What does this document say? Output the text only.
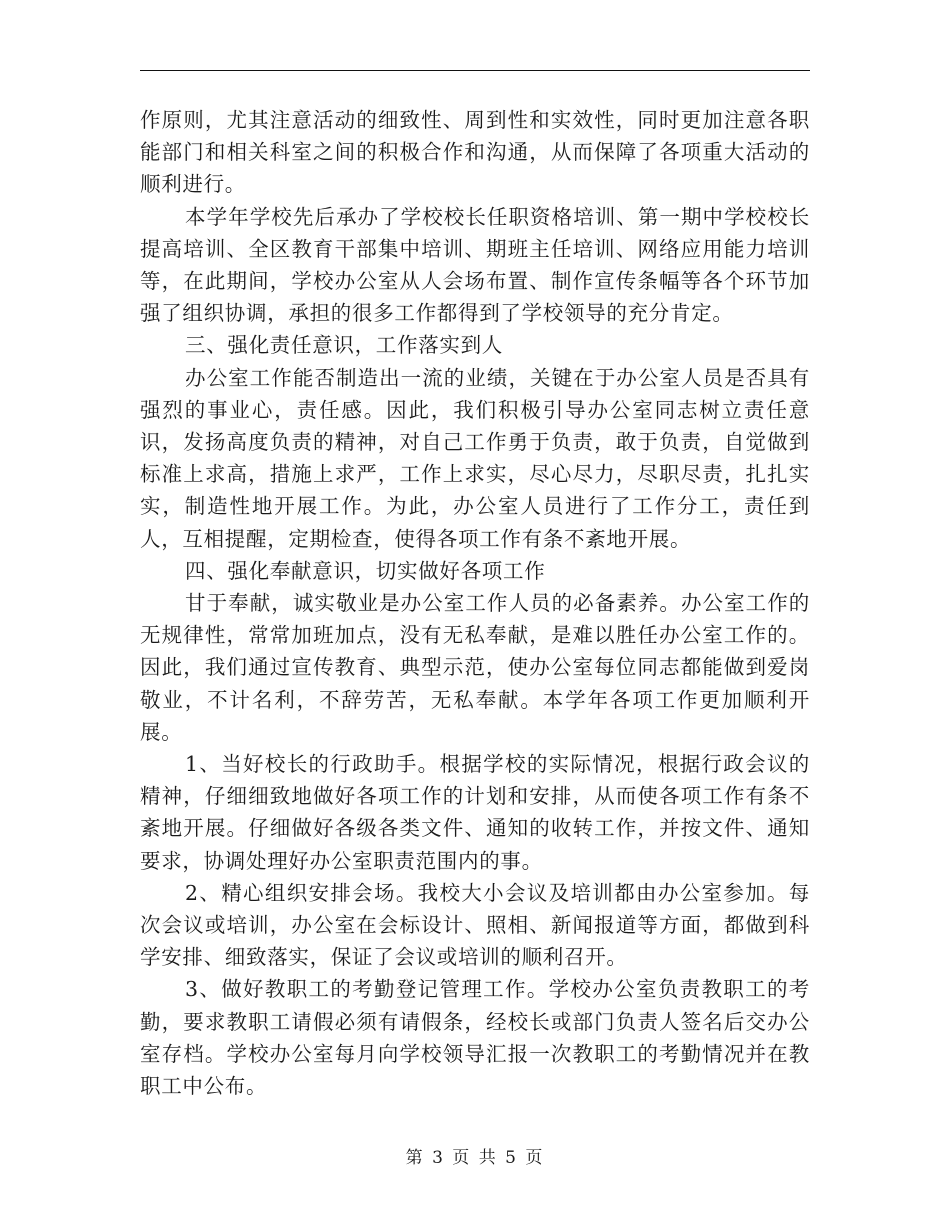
作原则，尤其注意活动的细致性、周到性和实效性，同时更加注意各职能部门和相关科室之间的积极合作和沟通，从而保障了各项重大活动的顺利进行。

本学年学校先后承办了学校校长任职资格培训、第一期中学校校长提高培训、全区教育干部集中培训、期班主任培训、网络应用能力培训等，在此期间，学校办公室从人会场布置、制作宣传条幅等各个环节加强了组织协调，承担的很多工作都得到了学校领导的充分肯定。

三、强化责任意识，工作落实到人

办公室工作能否制造出一流的业绩，关键在于办公室人员是否具有强烈的事业心，责任感。因此，我们积极引导办公室同志树立责任意识，发扬高度负责的精神，对自己工作勇于负责，敢于负责，自觉做到标准上求高，措施上求严，工作上求实，尽心尽力，尽职尽责，扎扎实实，制造性地开展工作。为此，办公室人员进行了工作分工，责任到人，互相提醒，定期检查，使得各项工作有条不紊地开展。

四、强化奉献意识，切实做好各项工作

甘于奉献，诚实敬业是办公室工作人员的必备素养。办公室工作的无规律性，常常加班加点，没有无私奉献，是难以胜任办公室工作的。因此，我们通过宣传教育、典型示范，使办公室每位同志都能做到爱岗敬业，不计名利，不辞劳苦，无私奉献。本学年各项工作更加顺利开展。

1、当好校长的行政助手。根据学校的实际情况，根据行政会议的精神，仔细细致地做好各项工作的计划和安排，从而使各项工作有条不紊地开展。仔细做好各级各类文件、通知的收转工作，并按文件、通知要求，协调处理好办公室职责范围内的事。

2、精心组织安排会场。我校大小会议及培训都由办公室参加。每次会议或培训，办公室在会标设计、照相、新闻报道等方面，都做到科学安排、细致落实，保证了会议或培训的顺利召开。

3、做好教职工的考勤登记管理工作。学校办公室负责教职工的考勤，要求教职工请假必须有请假条，经校长或部门负责人签名后交办公室存档。学校办公室每月向学校领导汇报一次教职工的考勤情况并在教职工中公布。

第 3 页 共 5 页
